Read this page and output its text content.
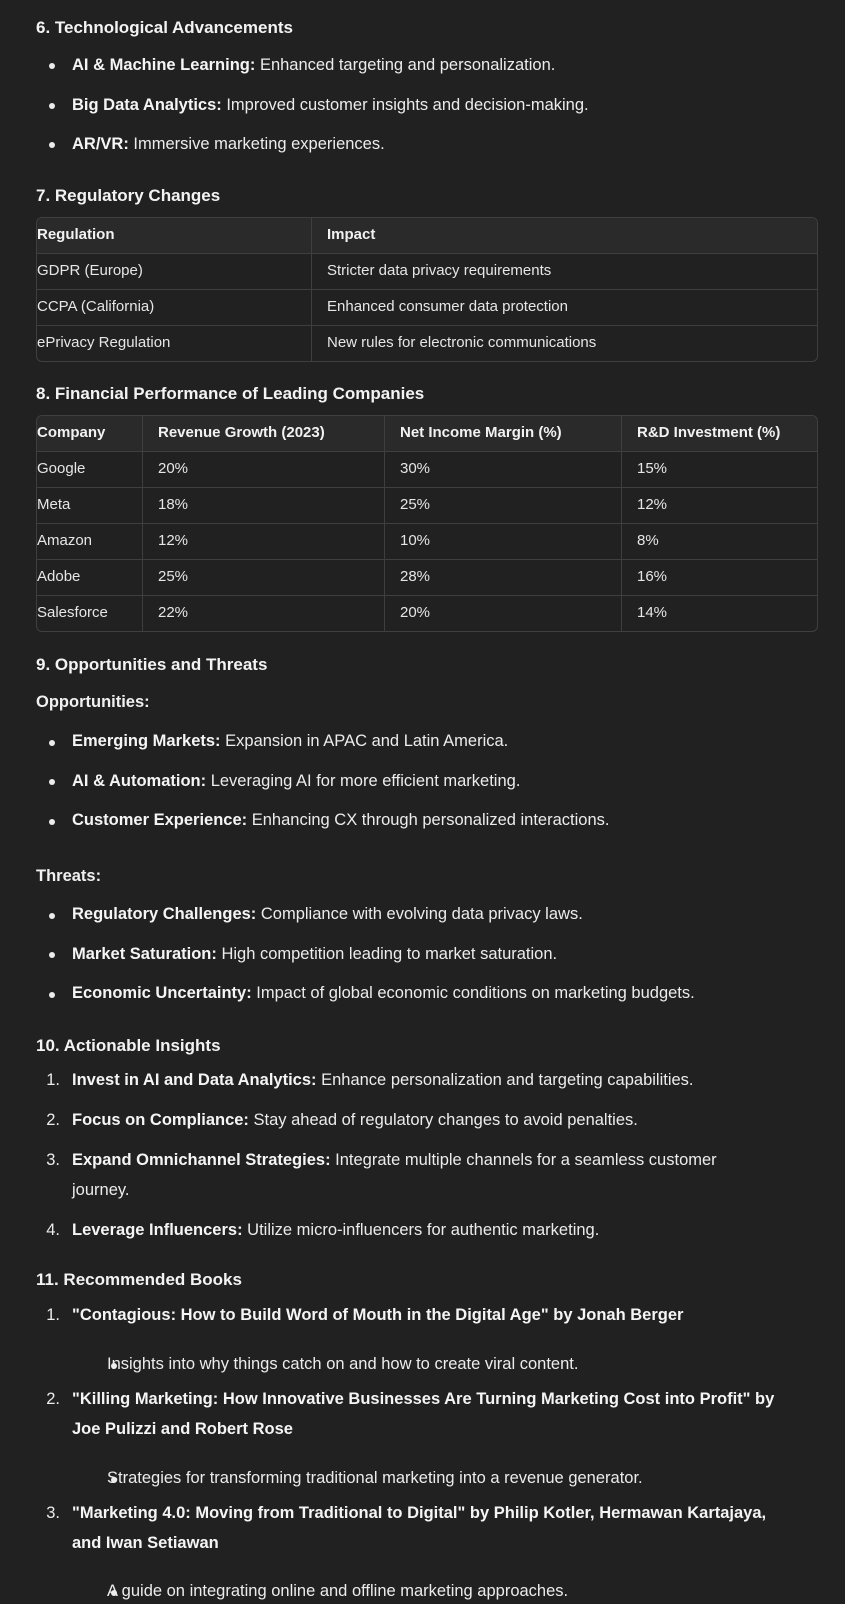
6. Technological Advancements
AI & Machine Learning: Enhanced targeting and personalization.
Big Data Analytics: Improved customer insights and decision-making.
AR/VR: Immersive marketing experiences.
7. Regulatory Changes
Regulation	Impact
GDPR (Europe)	Stricter data privacy requirements
CCPA (California)	Enhanced consumer data protection
ePrivacy Regulation	New rules for electronic communications
8. Financial Performance of Leading Companies
Company	Revenue Growth (2023)	Net Income Margin (%)	R&D Investment (%)
Google	20%	30%	15%
Meta	18%	25%	12%
Amazon	12%	10%	8%
Adobe	25%	28%	16%
Salesforce	22%	20%	14%
9. Opportunities and Threats
Opportunities:
Emerging Markets: Expansion in APAC and Latin America.
AI & Automation: Leveraging AI for more efficient marketing.
Customer Experience: Enhancing CX through personalized interactions.
Threats:
Regulatory Challenges: Compliance with evolving data privacy laws.
Market Saturation: High competition leading to market saturation.
Economic Uncertainty: Impact of global economic conditions on marketing budgets.
10. Actionable Insights
1. Invest in AI and Data Analytics: Enhance personalization and targeting capabilities.
2. Focus on Compliance: Stay ahead of regulatory changes to avoid penalties.
3. Expand Omnichannel Strategies: Integrate multiple channels for a seamless customer
journey.
4. Leverage Influencers: Utilize micro-influencers for authentic marketing.
11. Recommended Books
1. "Contagious: How to Build Word of Mouth in the Digital Age" by Jonah Berger
Insights into why things catch on and how to create viral content.
2. "Killing Marketing: How Innovative Businesses Are Turning Marketing Cost into Profit" by
Joe Pulizzi and Robert Rose
Strategies for transforming traditional marketing into a revenue generator.
3. "Marketing 4.0: Moving from Traditional to Digital" by Philip Kotler, Hermawan Kartajaya,
and Iwan Setiawan
A guide on integrating online and offline marketing approaches.
